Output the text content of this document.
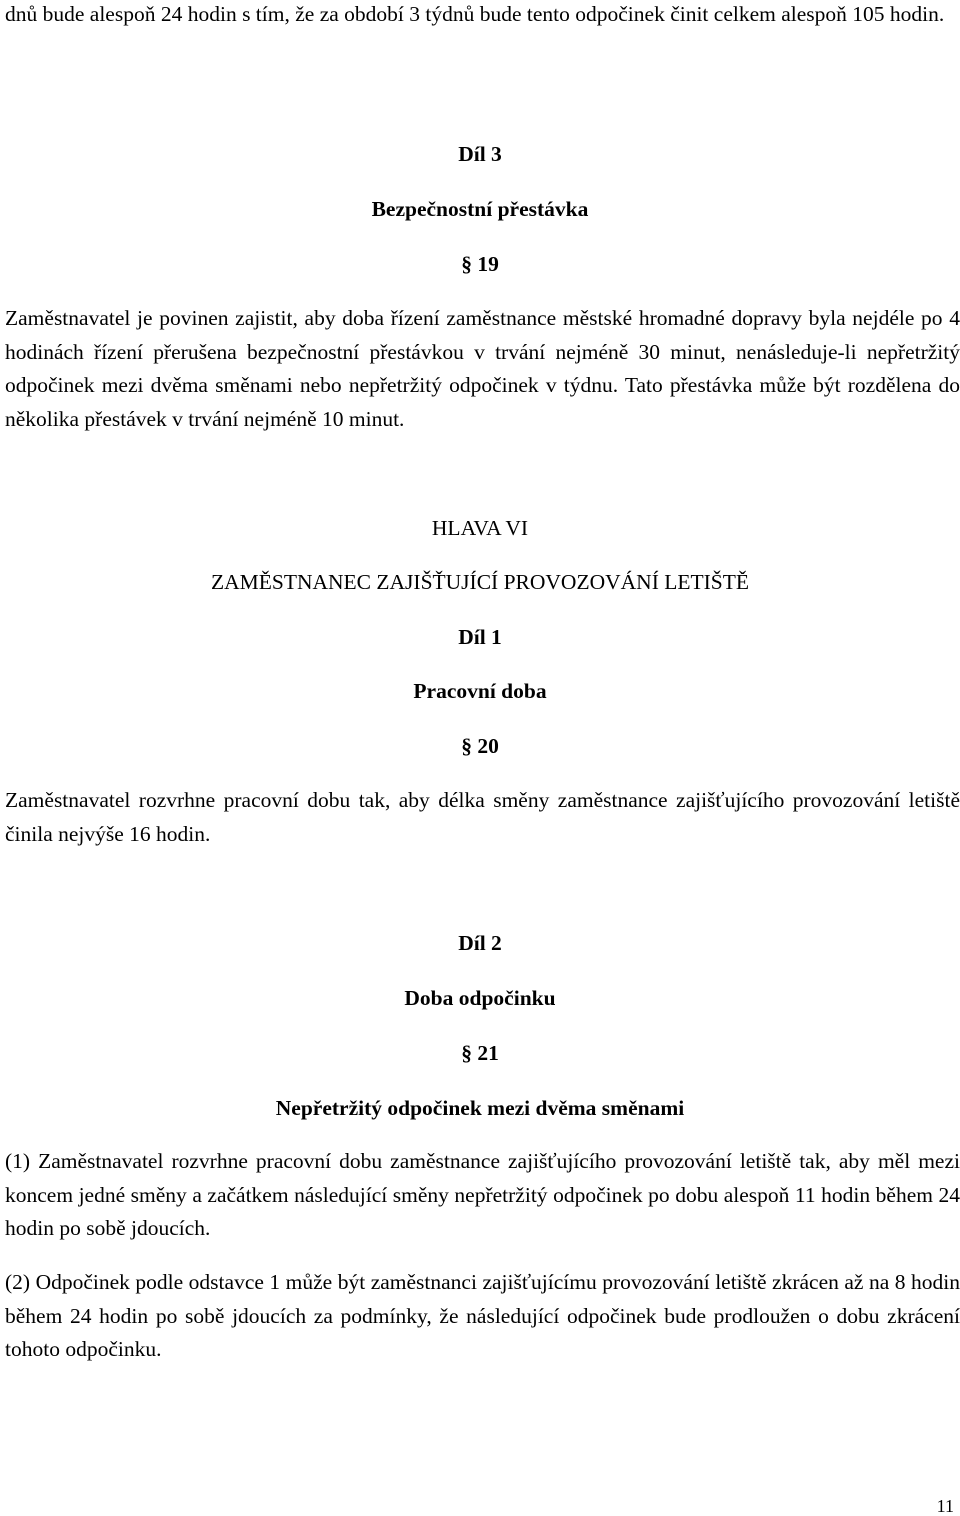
dnů bude alespoň 24 hodin s tím, že za období 3 týdnů bude tento odpočinek činit celkem alespoň 105 hodin.

Díl 3

Bezpečnostní přestávka

§ 19

Zaměstnavatel je povinen zajistit, aby doba řízení zaměstnance městské hromadné dopravy byla nejdéle po 4 hodinách řízení přerušena bezpečnostní přestávkou v trvání nejméně 30 minut, nenásleduje-li nepřetržitý odpočinek mezi dvěma směnami nebo nepřetržitý odpočinek v týdnu. Tato přestávka může být rozdělena do několika přestávek v trvání nejméně 10 minut.

HLAVA VI

ZAMĚSTNANEC ZAJIŠŤUJÍCÍ PROVOZOVÁNÍ LETIŠTĚ

Díl 1

Pracovní doba

§ 20

Zaměstnavatel rozvrhne pracovní dobu tak, aby délka směny zaměstnance zajišťujícího provozování letiště činila nejvýše 16 hodin.

Díl 2

Doba odpočinku

§ 21

Nepřetržitý odpočinek mezi dvěma směnami

(1) Zaměstnavatel rozvrhne pracovní dobu zaměstnance zajišťujícího provozování letiště tak, aby měl mezi koncem jedné směny a začátkem následující směny nepřetržitý odpočinek po dobu alespoň 11 hodin během 24 hodin po sobě jdoucích.

(2) Odpočinek podle odstavce 1 může být zaměstnanci zajišťujícímu provozování letiště zkrácen až na 8 hodin během 24 hodin po sobě jdoucích za podmínky, že následující odpočinek bude prodloužen o dobu zkrácení tohoto odpočinku.

11
